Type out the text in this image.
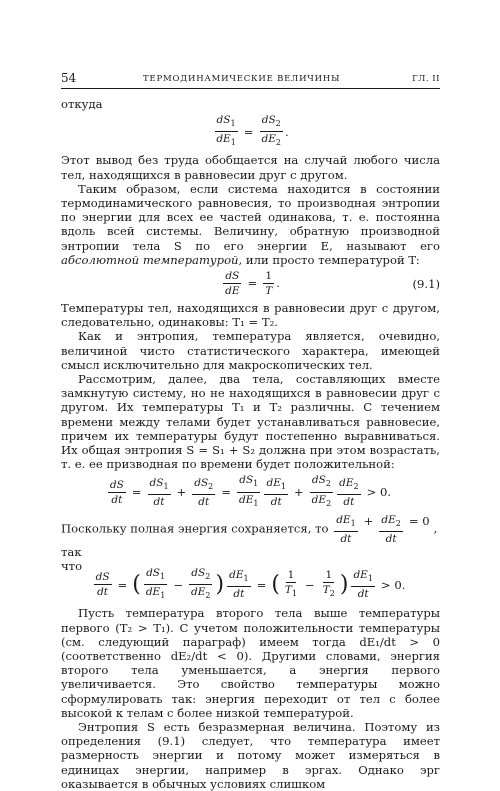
54	ТЕРМОДИНАМИЧЕСКИЕ ВЕЛИЧИНЫ	ГЛ. II

откуда

$\frac{dS_1}{dE_1} = \frac{dS_2}{dE_2}$ .

Этот вывод без труда обобщается на случай любого числа тел, находящихся в равновесии друг с другом.

Таким образом, если система находится в состоянии термодинамического равновесия, то производная энтропии по энергии для всех ее частей одинакова, т. е. постоянна вдоль всей системы. Величину, обратную производной энтропии тела S по его энергии E, называют его абсолютной температурой, или просто температурой T:

$\frac{dS}{dE} = \frac{1}{T}$ .	(9.1)

Температуры тел, находящихся в равновесии друг с другом, следовательно, одинаковы: T₁ = T₂.

Как и энтропия, температура является, очевидно, величиной чисто статистического характера, имеющей смысл исключительно для макроскопических тел.

Рассмотрим, далее, два тела, составляющих вместе замкнутую систему, но не находящихся в равновесии друг с другом. Их температуры T₁ и T₂ различны. С течением времени между телами будет устанавливаться равновесие, причем их температуры будут постепенно выравниваться. Их общая энтропия S = S₁ + S₂ должна при этом возрастать, т. е. ее призводная по времени будет положительной:

$\frac{dS}{dt} = \frac{dS_1}{dt} + \frac{dS_2}{dt} = \frac{dS_1}{dE_1} \frac{dE_1}{dt} + \frac{dS_2}{dE_2} \frac{dE_2}{dt} > 0$.

Поскольку полная энергия сохраняется, то $\frac{dE_1}{dt} + \frac{dE_2}{dt} = 0$
, так
что

$\frac{dS}{dt}$ = ( $\frac{dS_1}{dE_1} - \frac{dS_2}{dE_2}$ ) $\frac{dE_1}{dt}$ = ( $\frac{1}{T_1} - \frac{1}{T_2}$ ) $\frac{dE_1}{dt} > 0$.

Пусть температура второго тела выше температуры первого (T₂ > T₁). С учетом положительности температуры (см. следующий параграф) имеем тогда dE₁/dt > 0 (соответственно dE₂/dt < 0). Другими словами, энергия второго тела уменьшается, а энергия первого увеличивается. Это свойство температуры можно сформулировать так: энергия переходит от тел с более высокой к телам с более низкой температурой.

Энтропия S есть безразмерная величина. Поэтому из определения (9.1) следует, что температура имеет размерность энергии и потому может измеряться в единицах энергии, например в эргах. Однако эрг оказывается в обычных условиях слишком
